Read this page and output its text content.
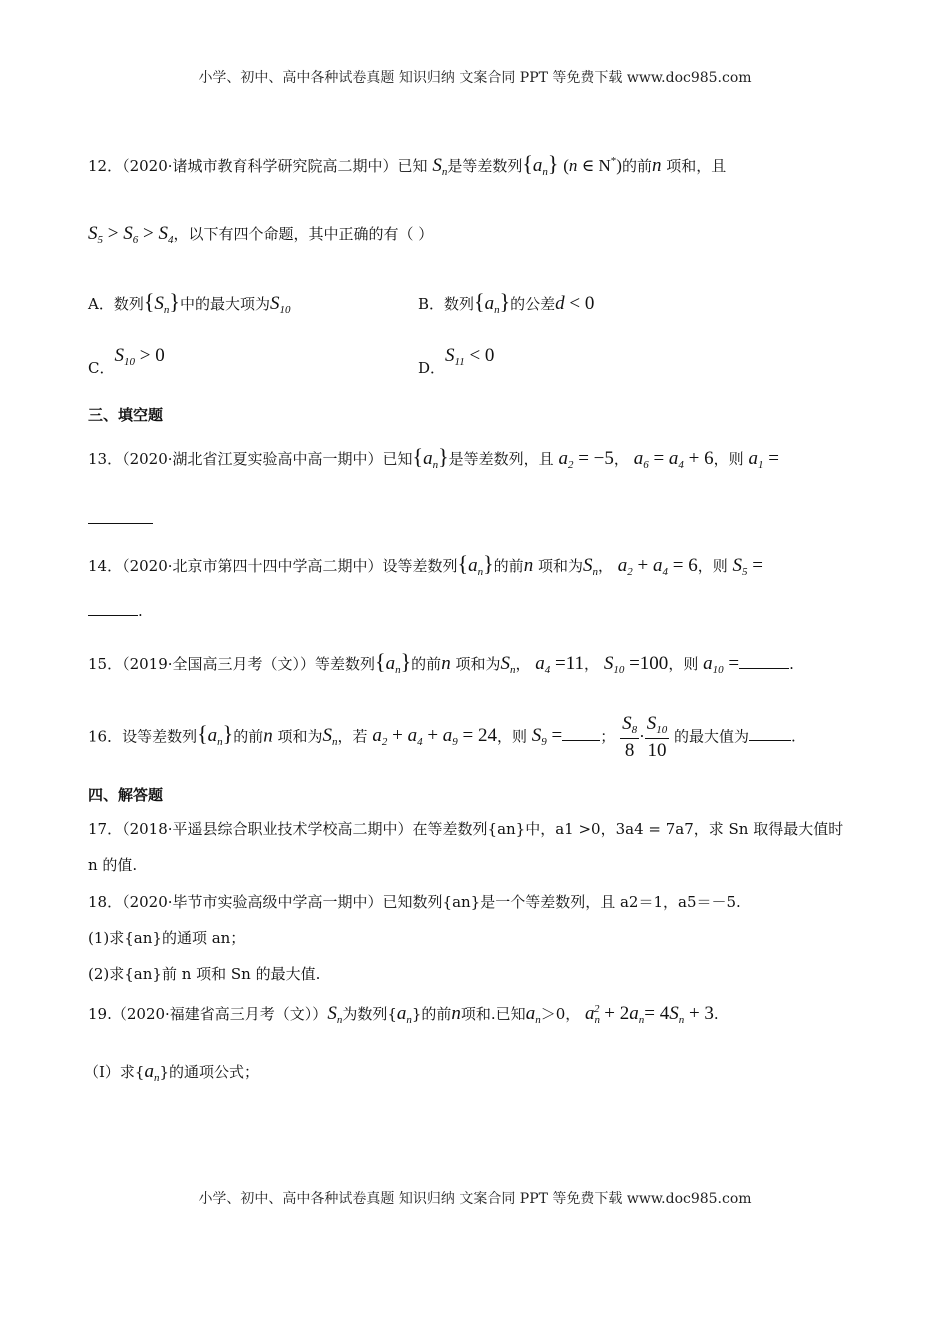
小学、初中、高中各种试卷真题 知识归纳 文案合同 PPT 等免费下载 www.doc985.com
12．（2020·诸城市教育科学研究院高二期中）已知 $S_n$是等差数列$\{a_n\}$ (n ∈ N*)的前n 项和，且
$S_5 > S_6 > S_4$，以下有四个命题，其中正确的有（ ）
A．数列$\{S_n\}$中的最大项为$S_{10}$	B．数列$\{a_n\}$的公差d < 0
C．$S_{10} > 0$
D．$S_{11} < 0$
三、填空题
13．（2020·湖北省江夏实验高中高一期中）已知$\{a_n\}$是等差数列，且 $a_2 = -5$， $a_6 = a_4 + 6$，则 $a_1$ =
14．（2020·北京市第四十四中学高二期中）设等差数列$\{a_n\}$的前n 项和为$S_n$， $a_2 + a_4 = 6$，则 $S_5$ =
.
15．（2019·全国高三月考（文））等差数列$\{a_n\}$的前n 项和为$S_n$， $a_4 =11$， $S_{10} =100$，则 $a_{10}$ =	.
16．设等差数列$\{a_n\}$的前n 项和为$S_n$，若 $a_2 + a_4 + a_9 = 24$，则 $S_9$ =	； $\frac{S_8}{8} \cdot \frac{S_{10}}{10}$ 的最大值为	.
四、解答题
17．（2018·平遥县综合职业技术学校高二期中）在等差数列{an}中，a1 >0，3a4 = 7a7，求 Sn 取得最大值时
n 的值.
18．（2020·毕节市实验高级中学高一期中）已知数列{an}是一个等差数列，且 a2＝1，a5＝－5.
(1)求{an}的通项 an；
(2)求{an}前 n 项和 Sn 的最大值.
19.（2020·福建省高三月考（文））$S_n$为数列$\{a_n\}$的前n项和.已知$a_n>0$， $a_n^2 + 2a_n= 4S_n + 3$.
（Ⅰ）求$\{a_n\}$的通项公式；
小学、初中、高中各种试卷真题 知识归纳 文案合同 PPT 等免费下载 www.doc985.com
